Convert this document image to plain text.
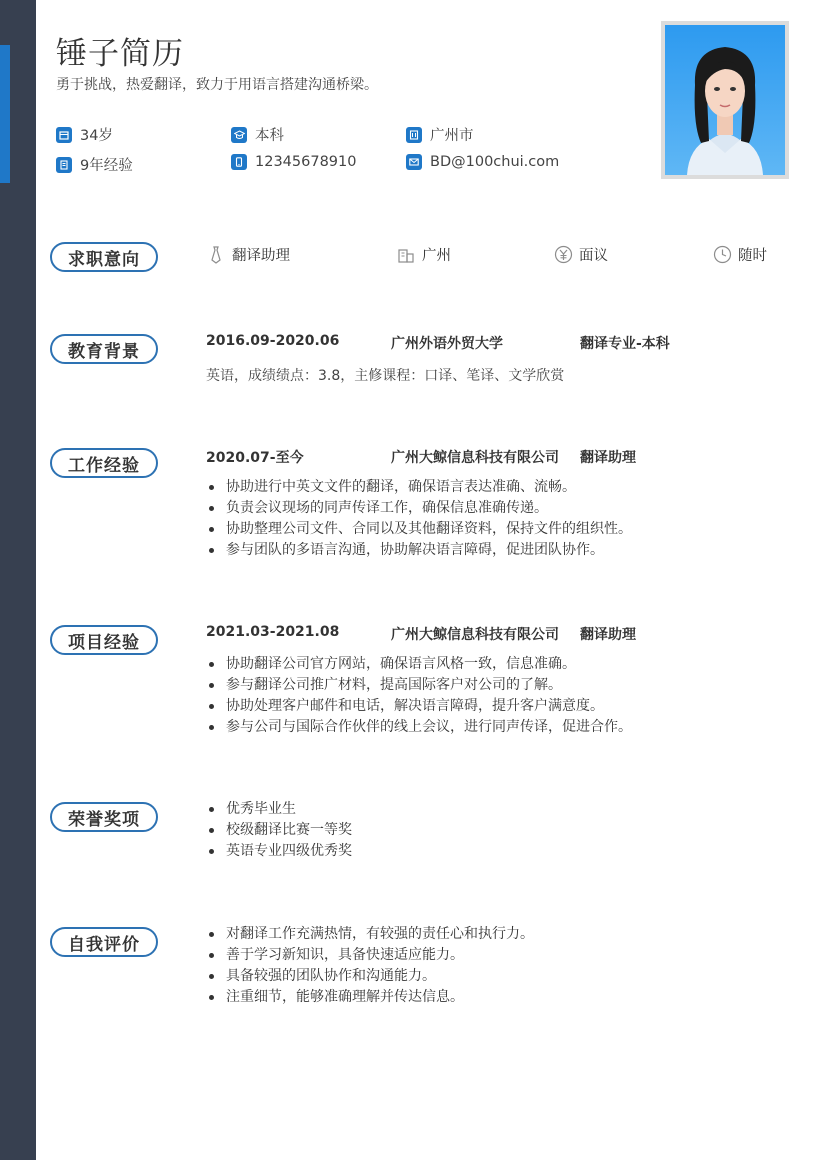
锤子简历
勇于挑战，热爱翻译，致力于用语言搭建沟通桥梁。
34岁	本科	广州市
9年经验	12345678910	BD@100chui.com
求职意向	翻译助理	广州	面议	随时
教育背景
2016.09-2020.06	广州外语外贸大学	翻译专业-本科
英语，成绩绩点：3.8，主修课程：口译、笔译、文学欣赏
工作经验	2020.07-至今	广州大鲸信息科技有限公司 翻译助理
协助进行中英文文件的翻译，确保语言表达准确、流畅。
负责会议现场的同声传译工作，确保信息准确传递。
协助整理公司文件、合同以及其他翻译资料，保持文件的组织性。
参与团队的多语言沟通，协助解决语言障碍，促进团队协作。
项目经验
2021.03-2021.08	广州大鲸信息科技有限公司 翻译助理
协助翻译公司官方网站，确保语言风格一致，信息准确。
参与翻译公司推广材料，提高国际客户对公司的了解。
协助处理客户邮件和电话，解决语言障碍，提升客户满意度。
参与公司与国际合作伙伴的线上会议，进行同声传译，促进合作。
荣誉奖项
优秀毕业生
校级翻译比赛一等奖
英语专业四级优秀奖
自我评价
对翻译工作充满热情，有较强的责任心和执行力。
善于学习新知识，具备快速适应能力。
具备较强的团队协作和沟通能力。
注重细节，能够准确理解并传达信息。
